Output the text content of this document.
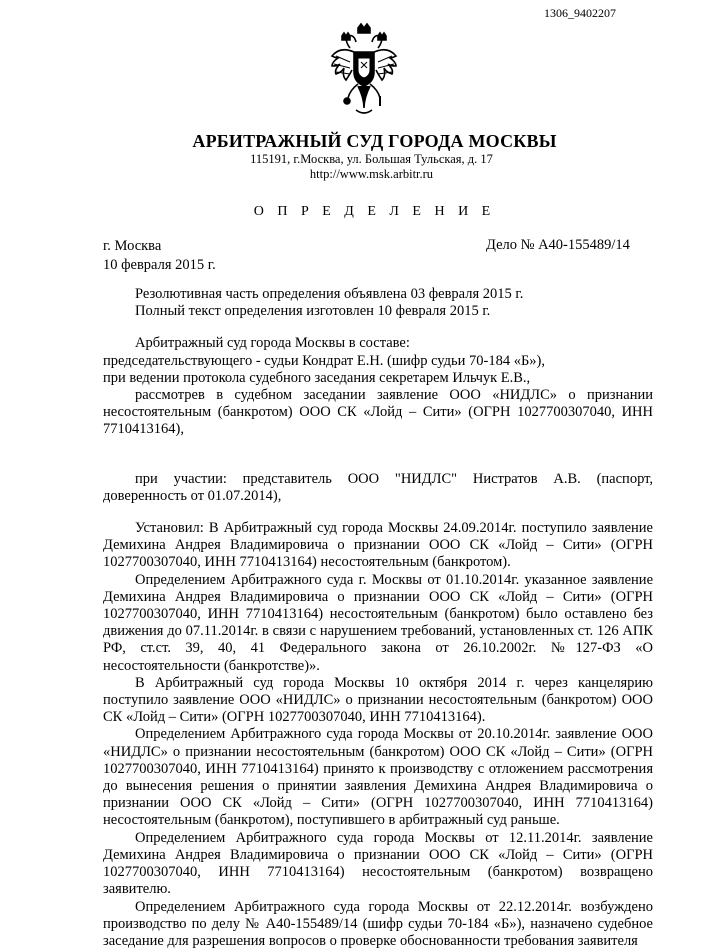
1306_9402207
АРБИТРАЖНЫЙ СУД ГОРОДА МОСКВЫ
115191, г.Москва, ул. Большая Тульская, д. 17
http://www.msk.arbitr.ru
О П Р Е Д Е Л Е Н И Е
г. Москва
10 февраля 2015 г.
Дело № А40-155489/14

Резолютивная часть определения объявлена 03 февраля 2015 г.

Полный текст определения изготовлен 10 февраля 2015 г.

Арбитражный суд города Москвы в составе:

председательствующего - судьи Кондрат Е.Н. (шифр судьи 70-184 «Б»),

при ведении протокола судебного заседания секретарем Ильчук Е.В.,

рассмотрев в судебном заседании заявление ООО «НИДЛС» о признании несостоятельным (банкротом) ООО СК «Лойд – Сити» (ОГРН 1027700307040, ИНН 7710413164),

при участии: представитель ООО "НИДЛС" Нистратов А.В. (паспорт, доверенность от 01.07.2014),

Установил: В Арбитражный суд города Москвы 24.09.2014г. поступило заявление Демихина Андрея Владимировича о признании ООО СК «Лойд – Сити» (ОГРН 1027700307040, ИНН 7710413164) несостоятельным (банкротом).

Определением Арбитражного суда г. Москвы от 01.10.2014г. указанное заявление Демихина Андрея Владимировича о признании ООО СК «Лойд – Сити» (ОГРН 1027700307040, ИНН 7710413164) несостоятельным (банкротом) было оставлено без движения до 07.11.2014г. в связи с нарушением требований, установленных ст. 126 АПК РФ, ст.ст. 39, 40, 41 Федерального закона от 26.10.2002г. №127-ФЗ «О несостоятельности (банкротстве)».

В Арбитражный суд города Москвы 10 октября 2014 г. через канцелярию поступило заявление ООО «НИДЛС» о признании несостоятельным (банкротом) ООО СК «Лойд – Сити» (ОГРН 1027700307040, ИНН 7710413164).

Определением Арбитражного суда города Москвы от 20.10.2014г. заявление ООО «НИДЛС» о признании несостоятельным (банкротом) ООО СК «Лойд – Сити» (ОГРН 1027700307040, ИНН 7710413164) принято к производству с отложением рассмотрения до вынесения решения о принятии заявления Демихина Андрея Владимировича о признании ООО СК «Лойд – Сити» (ОГРН 1027700307040, ИНН 7710413164) несостоятельным (банкротом), поступившего в арбитражный суд раньше.

Определением Арбитражного суда города Москвы от 12.11.2014г. заявление Демихина Андрея Владимировича о признании ООО СК «Лойд – Сити» (ОГРН 1027700307040, ИНН 7710413164) несостоятельным (банкротом) возвращено заявителю.

Определением Арбитражного суда города Москвы от 22.12.2014г. возбуждено производство по делу № А40-155489/14 (шифр судьи 70-184 «Б»), назначено судебное заседание для разрешения вопросов о проверке обоснованности требования заявителя
